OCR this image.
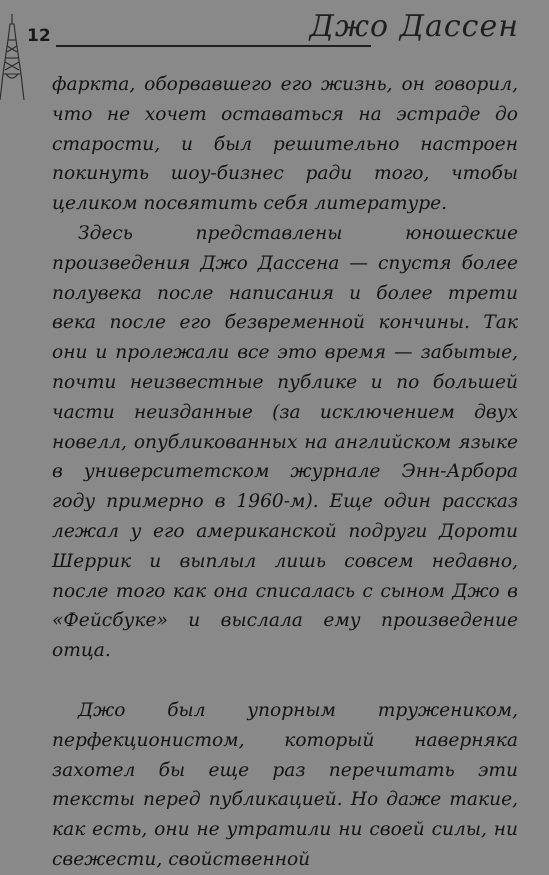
12	Джо Дассен

фаркта, оборвавшего его жизнь, он говорил, что не хочет оставаться на эстраде до старости, и был решительно настроен покинуть шоу-бизнес ради того, чтобы целиком посвятить себя литературе.

Здесь представлены юношеские произведения Джо Дассена — спустя более полувека после написания и более трети века после его безвременной кончины. Так они и пролежали все это время — забытые, почти неизвестные публике и по большей части неизданные (за исключением двух новелл, опубликованных на английском языке в университетском журнале Энн-Арбора году примерно в 1960-м). Еще один рассказ лежал у его американской подруги Дороти Шеррик и выплыл лишь совсем недавно, после того как она списалась с сыном Джо в «Фейсбуке» и выслала ему произведение отца.

Джо был упорным тружеником, перфекционистом, который наверняка захотел бы еще раз перечитать эти тексты перед публикацией. Но даже такие, как есть, они не утратили ни своей силы, ни свежести, свойственной
